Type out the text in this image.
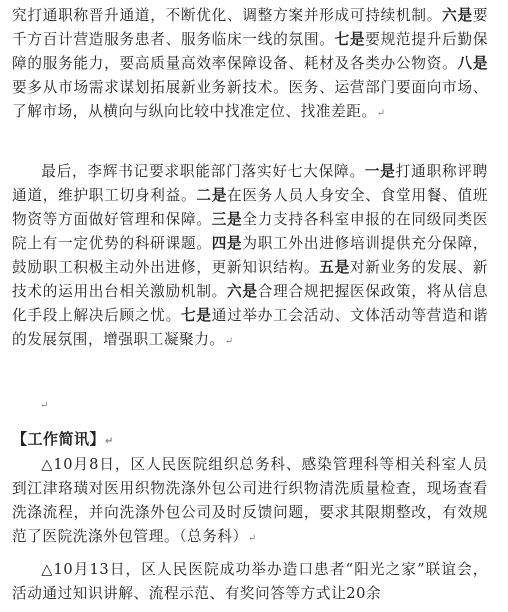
究打通职称晋升通道，不断优化、调整方案并形成可持续机制。六是要千方百计营造服务患者、服务临床一线的氛围。七是要规范提升后勤保障的服务能力，要高质量高效率保障设备、耗材及各类办公物资。八是要多从市场需求谋划拓展新业务新技术。医务、运营部门要面向市场、了解市场，从横向与纵向比较中找准定位、找准差距。↵

最后，李辉书记要求职能部门落实好七大保障。一是打通职称评聘通道，维护职工切身利益。二是在医务人员人身安全、食堂用餐、值班物资等方面做好管理和保障。三是全力支持各科室申报的在同级同类医院上有一定优势的科研课题。四是为职工外出进修培训提供充分保障，鼓励职工积极主动外出进修，更新知识结构。五是对新业务的发展、新技术的运用出台相关激励机制。六是合理合规把握医保政策，将从信息化手段上解决后顾之忧。七是通过举办工会活动、文体活动等营造和谐的发展氛围，增强职工凝聚力。↵

↵
【工作简讯】↵

△10月8日，区人民医院组织总务科、感染管理科等相关科室人员到江津珞璜对医用织物洗涤外包公司进行织物清洗质量检查，现场查看洗涤流程，并向洗涤外包公司及时反馈问题，要求其限期整改，有效规范了医院洗涤外包管理。（总务科）↵

△10月13日，区人民医院成功举办造口患者“阳光之家”联谊会，活动通过知识讲解、流程示范、有奖问答等方式让20余
